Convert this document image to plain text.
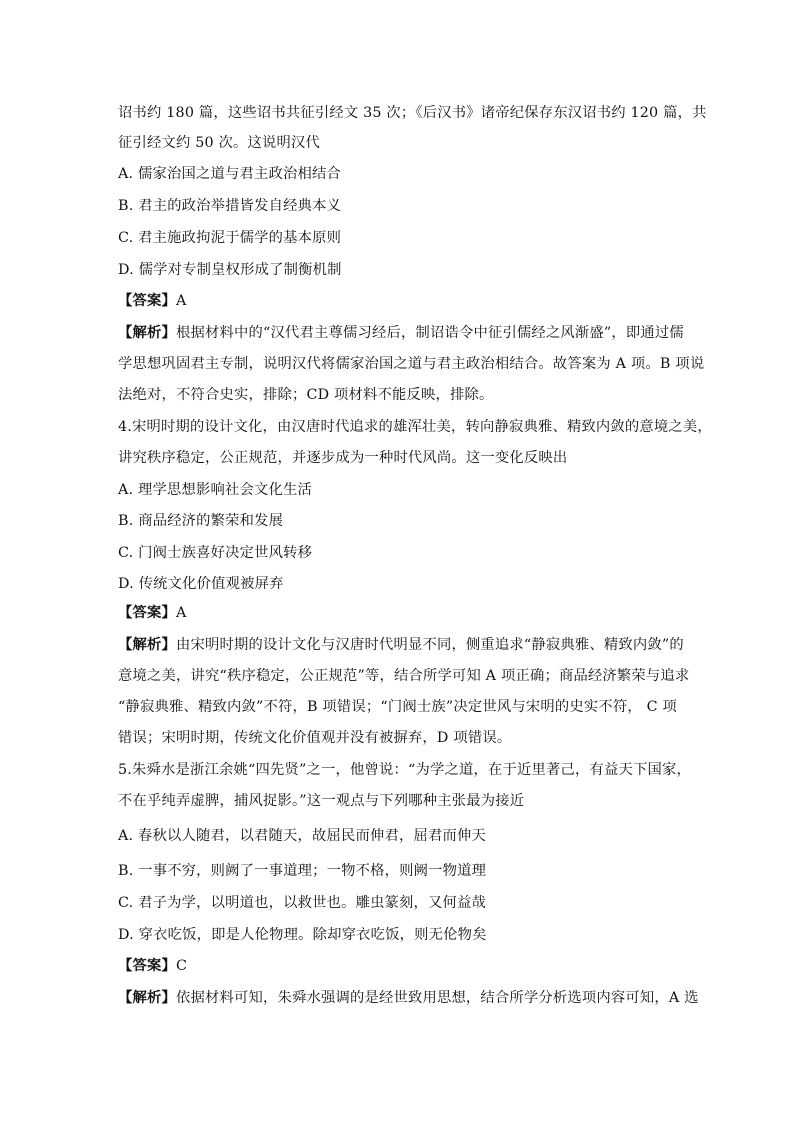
诏书约 180 篇，这些诏书共征引经文 35 次；《后汉书》诸帝纪保存东汉诏书约 120 篇，共
征引经文约 50 次。这说明汉代
A. 儒家治国之道与君主政治相结合
B. 君主的政治举措皆发自经典本义
C. 君主施政拘泥于儒学的基本原则
D. 儒学对专制皇权形成了制衡机制
【答案】A
【解析】根据材料中的“汉代君主尊儒习经后，制诏诰令中征引儒经之风渐盛”，即通过儒
学思想巩固君主专制，说明汉代将儒家治国之道与君主政治相结合。故答案为 A 项。B 项说
法绝对，不符合史实，排除；CD 项材料不能反映，排除。
4.宋明时期的设计文化，由汉唐时代追求的雄浑壮美，转向静寂典雅、精致内敛的意境之美，
讲究秩序稳定，公正规范，并逐步成为一种时代风尚。这一变化反映出
A. 理学思想影响社会文化生活
B. 商品经济的繁荣和发展
C. 门阀士族喜好决定世风转移
D. 传统文化价值观被屏弃
【答案】A
【解析】由宋明时期的设计文化与汉唐时代明显不同，侧重追求“静寂典雅、精致内敛”的
意境之美，讲究“秩序稳定，公正规范”等，结合所学可知 A 项正确；商品经济繁荣与追求
“静寂典雅、精致内敛”不符，B 项错误；“门阀士族”决定世风与宋明的史实不符， C 项
错误；宋明时期，传统文化价值观并没有被摒弃，D 项错误。
5.朱舜水是浙江余姚“四先贤”之一，他曾说：“为学之道，在于近里著己，有益天下国家，
不在乎纯弄虚脾，捕风捉影。”这一观点与下列哪种主张最为接近
A. 春秋以人随君，以君随天，故屈民而伸君，屈君而伸天
B. 一事不穷，则阙了一事道理；一物不格，则阙一物道理
C. 君子为学，以明道也，以救世也。雕虫篆刻，又何益哉
D. 穿衣吃饭，即是人伦物理。除却穿衣吃饭，则无伦物矣
【答案】C
【解析】依据材料可知，朱舜水强调的是经世致用思想，结合所学分析选项内容可知，A 选
